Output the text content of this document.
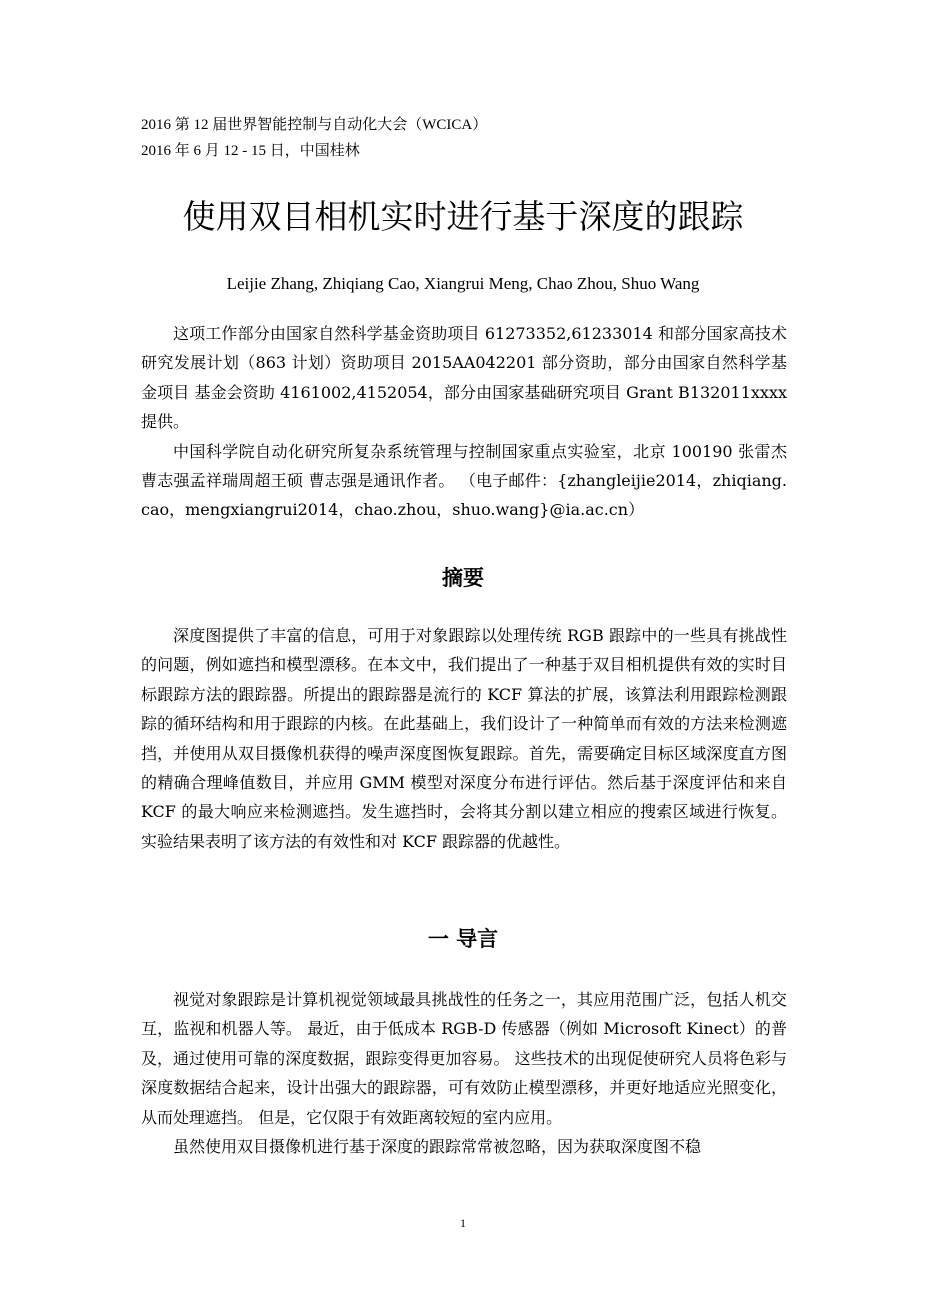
2016 第 12 届世界智能控制与自动化大会（WCICA）
2016 年 6 月 12 - 15 日，中国桂林
使用双目相机实时进行基于深度的跟踪
Leijie Zhang, Zhiqiang Cao, Xiangrui Meng, Chao Zhou, Shuo Wang

这项工作部分由国家自然科学基金资助项目 61273352,61233014 和部分国家高技术研究发展计划（863 计划）资助项目 2015AA042201 部分资助，部分由国家自然科学基金项目 基金会资助 4161002,4152054，部分由国家基础研究项目 Grant B132011xxxx 提供。

中国科学院自动化研究所复杂系统管理与控制国家重点实验室，北京 100190 张雷杰曹志强孟祥瑞周超王硕 曹志强是通讯作者。 （电子邮件：{zhangleijie2014，zhiqiang.cao，mengxiangrui2014，chao.zhou，shuo.wang}@ia.ac.cn）

摘要

深度图提供了丰富的信息，可用于对象跟踪以处理传统 RGB 跟踪中的一些具有挑战性的问题，例如遮挡和模型漂移。在本文中，我们提出了一种基于双目相机提供有效的实时目标跟踪方法的跟踪器。所提出的跟踪器是流行的 KCF 算法的扩展，该算法利用跟踪检测跟踪的循环结构和用于跟踪的内核。在此基础上，我们设计了一种简单而有效的方法来检测遮挡，并使用从双目摄像机获得的噪声深度图恢复跟踪。首先，需要确定目标区域深度直方图的精确合理峰值数目，并应用 GMM 模型对深度分布进行评估。然后基于深度评估和来自 KCF 的最大响应来检测遮挡。发生遮挡时，会将其分割以建立相应的搜索区域进行恢复。实验结果表明了该方法的有效性和对 KCF 跟踪器的优越性。

一 导言

视觉对象跟踪是计算机视觉领域最具挑战性的任务之一，其应用范围广泛，包括人机交互，监视和机器人等。 最近，由于低成本 RGB-D 传感器（例如 Microsoft Kinect）的普及，通过使用可靠的深度数据，跟踪变得更加容易。 这些技术的出现促使研究人员将色彩与深度数据结合起来，设计出强大的跟踪器，可有效防止模型漂移，并更好地适应光照变化，从而处理遮挡。 但是，它仅限于有效距离较短的室内应用。

虽然使用双目摄像机进行基于深度的跟踪常常被忽略，因为获取深度图不稳

1
